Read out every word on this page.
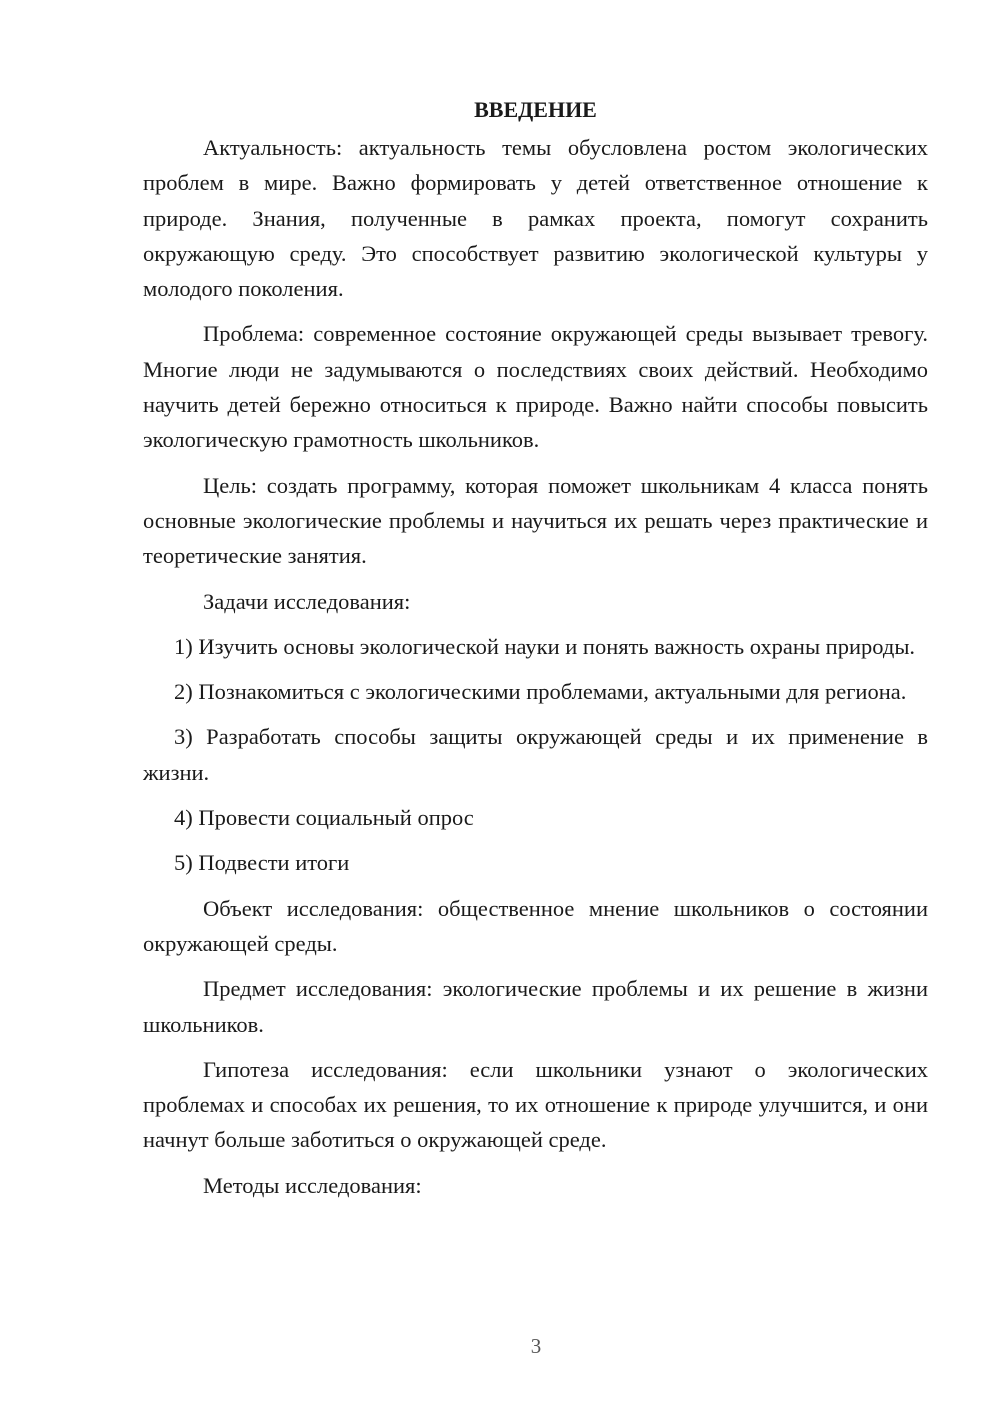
ВВЕДЕНИЕ

Актуальность: актуальность темы обусловлена ростом экологических проблем в мире. Важно формировать у детей ответственное отношение к природе. Знания, полученные в рамках проекта, помогут сохранить окружающую среду. Это способствует развитию экологической культуры у молодого поколения.

Проблема: современное состояние окружающей среды вызывает тревогу. Многие люди не задумываются о последствиях своих действий. Необходимо научить детей бережно относиться к природе. Важно найти способы повысить экологическую грамотность школьников.

Цель: создать программу, которая поможет школьникам 4 класса понять основные экологические проблемы и научиться их решать через практические и теоретические занятия.

Задачи исследования:

1) Изучить основы экологической науки и понять важность охраны природы.

2) Познакомиться с экологическими проблемами, актуальными для региона.

3) Разработать способы защиты окружающей среды и их применение в жизни.

4) Провести социальный опрос

5) Подвести итоги

Объект исследования: общественное мнение школьников о состоянии окружающей среды.

Предмет исследования: экологические проблемы и их решение в жизни школьников.

Гипотеза исследования: если школьники узнают о экологических проблемах и способах их решения, то их отношение к природе улучшится, и они начнут больше заботиться о окружающей среде.

Методы исследования:

3
